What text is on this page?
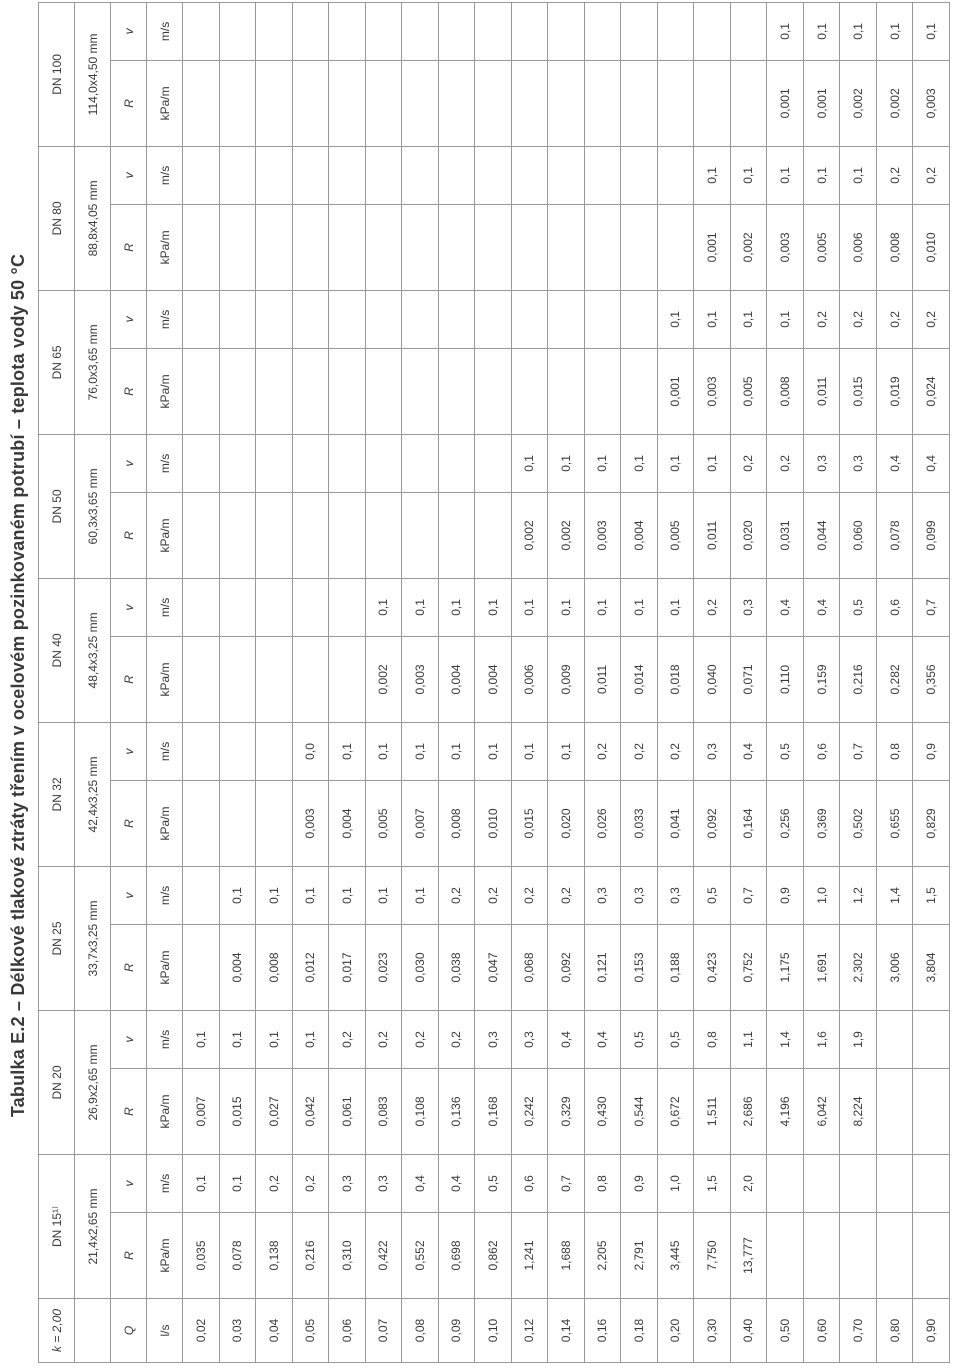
Tabulka E.2 – Délkové tlakové ztráty třením v ocelovém pozinkovaném potrubí – teplota vody 50 °C
k = 2,00	DN 15¹⁾		DN 20		DN 25		DN 32		DN 40		DN 50		DN 65		DN 80		DN 100	
	21,4x2,65 mm		26,9x2,65 mm		33,7x3,25 mm		42,4x3,25 mm		48,4x3,25 mm		60,3x3,65 mm		76,0x3,65 mm		88,8x4,05 mm		114,0x4,50 mm	
Q	R	v	R	v	R	v	R	v	R	v	R	v	R	v	R	v	R	v
l/s	kPa/m	m/s	kPa/m	m/s	kPa/m	m/s	kPa/m	m/s	kPa/m	m/s	kPa/m	m/s	kPa/m	m/s	kPa/m	m/s	kPa/m	m/s
0,02	0,035	0,1	0,007	0,1														
0,03	0,078	0,1	0,015	0,1	0,004	0,1												
0,04	0,138	0,2	0,027	0,1	0,008	0,1												
0,05	0,216	0,2	0,042	0,1	0,012	0,1	0,003	0,0										
0,06	0,310	0,3	0,061	0,2	0,017	0,1	0,004	0,1										
0,07	0,422	0,3	0,083	0,2	0,023	0,1	0,005	0,1	0,002	0,1								
0,08	0,552	0,4	0,108	0,2	0,030	0,1	0,007	0,1	0,003	0,1								
0,09	0,698	0,4	0,136	0,2	0,038	0,2	0,008	0,1	0,004	0,1								
0,10	0,862	0,5	0,168	0,3	0,047	0,2	0,010	0,1	0,004	0,1								
0,12	1,241	0,6	0,242	0,3	0,068	0,2	0,015	0,1	0,006	0,1	0,002	0,1						
0,14	1,688	0,7	0,329	0,4	0,092	0,2	0,020	0,1	0,009	0,1	0,002	0,1						
0,16	2,205	0,8	0,430	0,4	0,121	0,3	0,026	0,2	0,011	0,1	0,003	0,1						
0,18	2,791	0,9	0,544	0,5	0,153	0,3	0,033	0,2	0,014	0,1	0,004	0,1						
0,20	3,445	1,0	0,672	0,5	0,188	0,3	0,041	0,2	0,018	0,1	0,005	0,1	0,001	0,1				
0,30	7,750	1,5	1,511	0,8	0,423	0,5	0,092	0,3	0,040	0,2	0,011	0,1	0,003	0,1	0,001	0,1		
0,40	13,777	2,0	2,686	1,1	0,752	0,7	0,164	0,4	0,071	0,3	0,020	0,2	0,005	0,1	0,002	0,1		
0,50			4,196	1,4	1,175	0,9	0,256	0,5	0,110	0,4	0,031	0,2	0,008	0,1	0,003	0,1	0,001	0,1
0,60			6,042	1,6	1,691	1,0	0,369	0,6	0,159	0,4	0,044	0,3	0,011	0,2	0,005	0,1	0,001	0,1
0,70			8,224	1,9	2,302	1,2	0,502	0,7	0,216	0,5	0,060	0,3	0,015	0,2	0,006	0,1	0,002	0,1
0,80					3,006	1,4	0,655	0,8	0,282	0,6	0,078	0,4	0,019	0,2	0,008	0,2	0,002	0,1
0,90					3,804	1,5	0,829	0,9	0,356	0,7	0,099	0,4	0,024	0,2	0,010	0,2	0,003	0,1
